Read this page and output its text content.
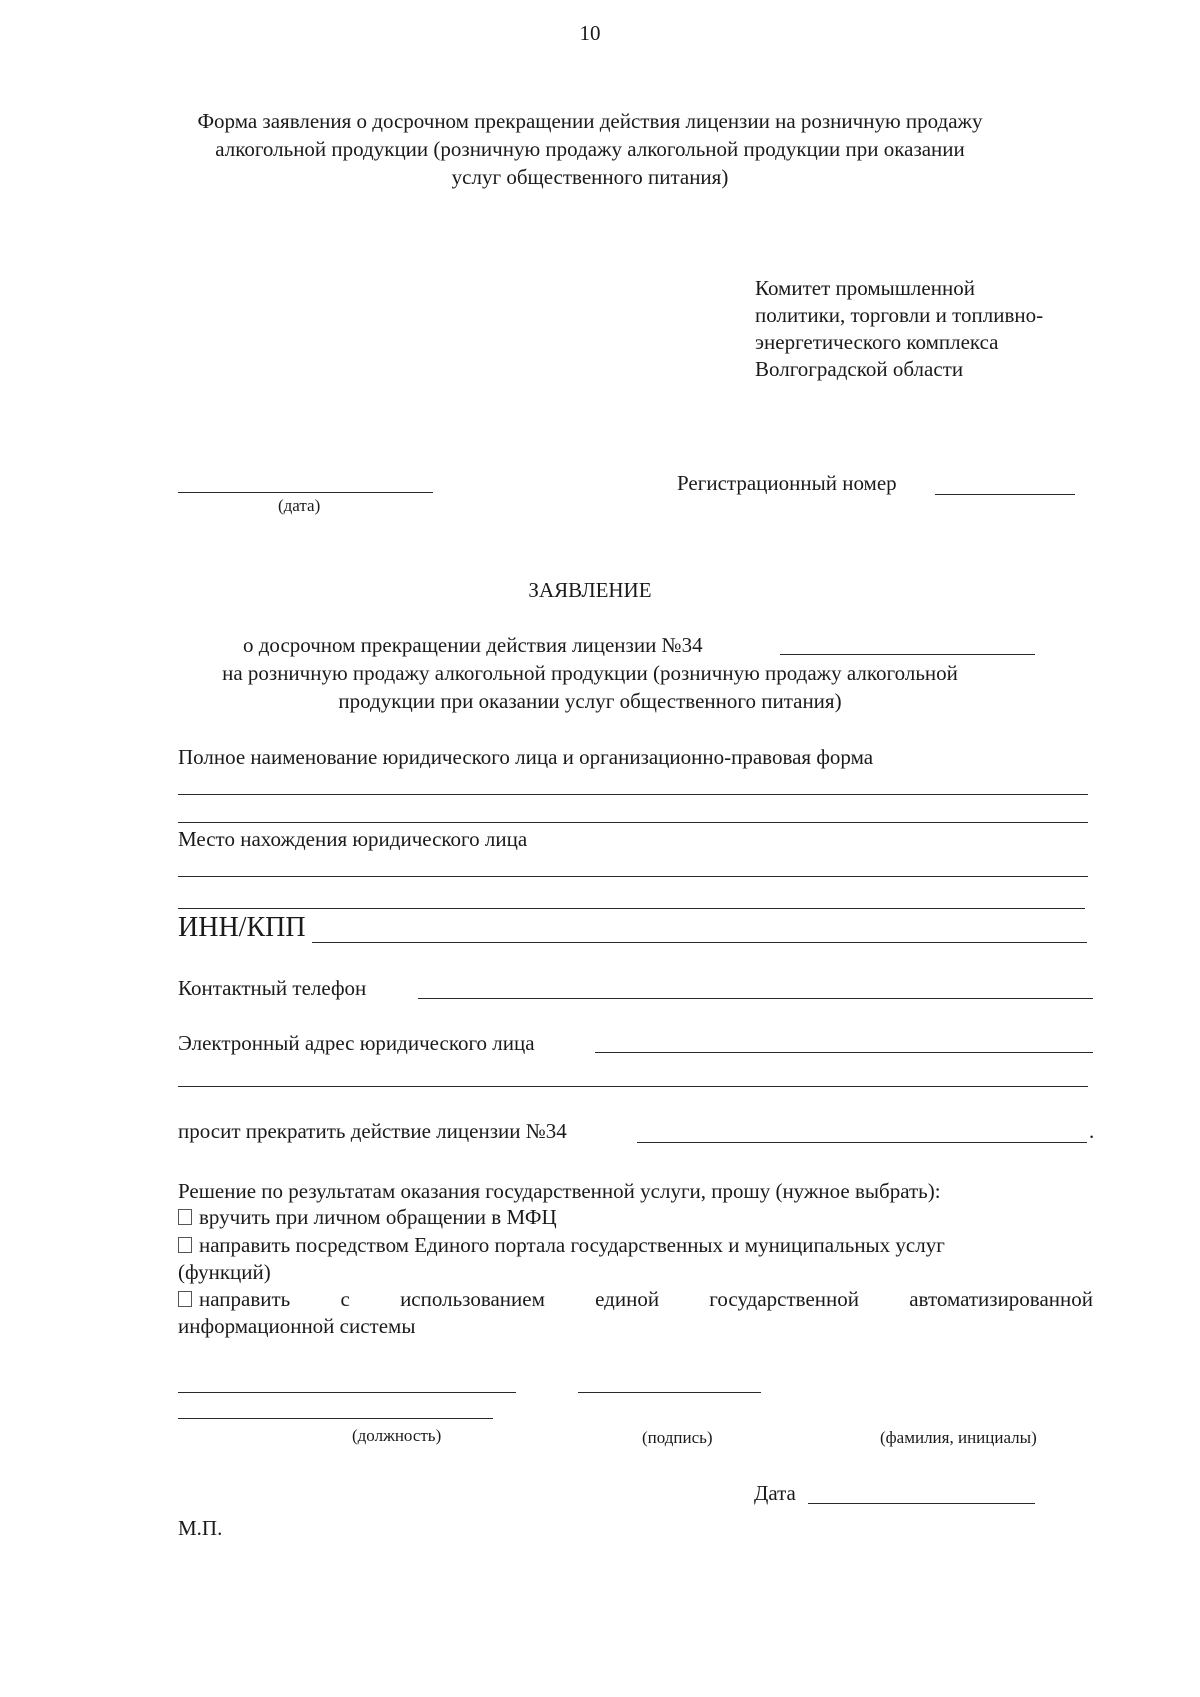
10
Форма заявления о досрочном прекращении действия лицензии на розничную продажу
алкогольной продукции (розничную продажу алкогольной продукции при оказании
услуг общественного питания)
Комитет промышленной
политики, торговли и топливно-
энергетического комплекса
Волгоградской области
(дата)
Регистрационный номер
ЗАЯВЛЕНИЕ
о досрочном прекращении действия лицензии №34
на розничную продажу алкогольной продукции (розничную продажу алкогольной
продукции при оказании услуг общественного питания)
Полное наименование юридического лица и организационно-правовая форма
Место нахождения юридического лица
ИНН/КПП
Контактный телефон
Электронный адрес юридического лица
просит прекратить действие лицензии №34	.
Решение по результатам оказания государственной услуги, прошу (нужное выбрать):
вручить при личном обращении в МФЦ
направить посредством Единого портала государственных и муниципальных услуг
(функций)
направить с использованием единой государственной автоматизированной
информационной системы
(должность)	(подпись)	(фамилия, инициалы)
Дата
М.П.
